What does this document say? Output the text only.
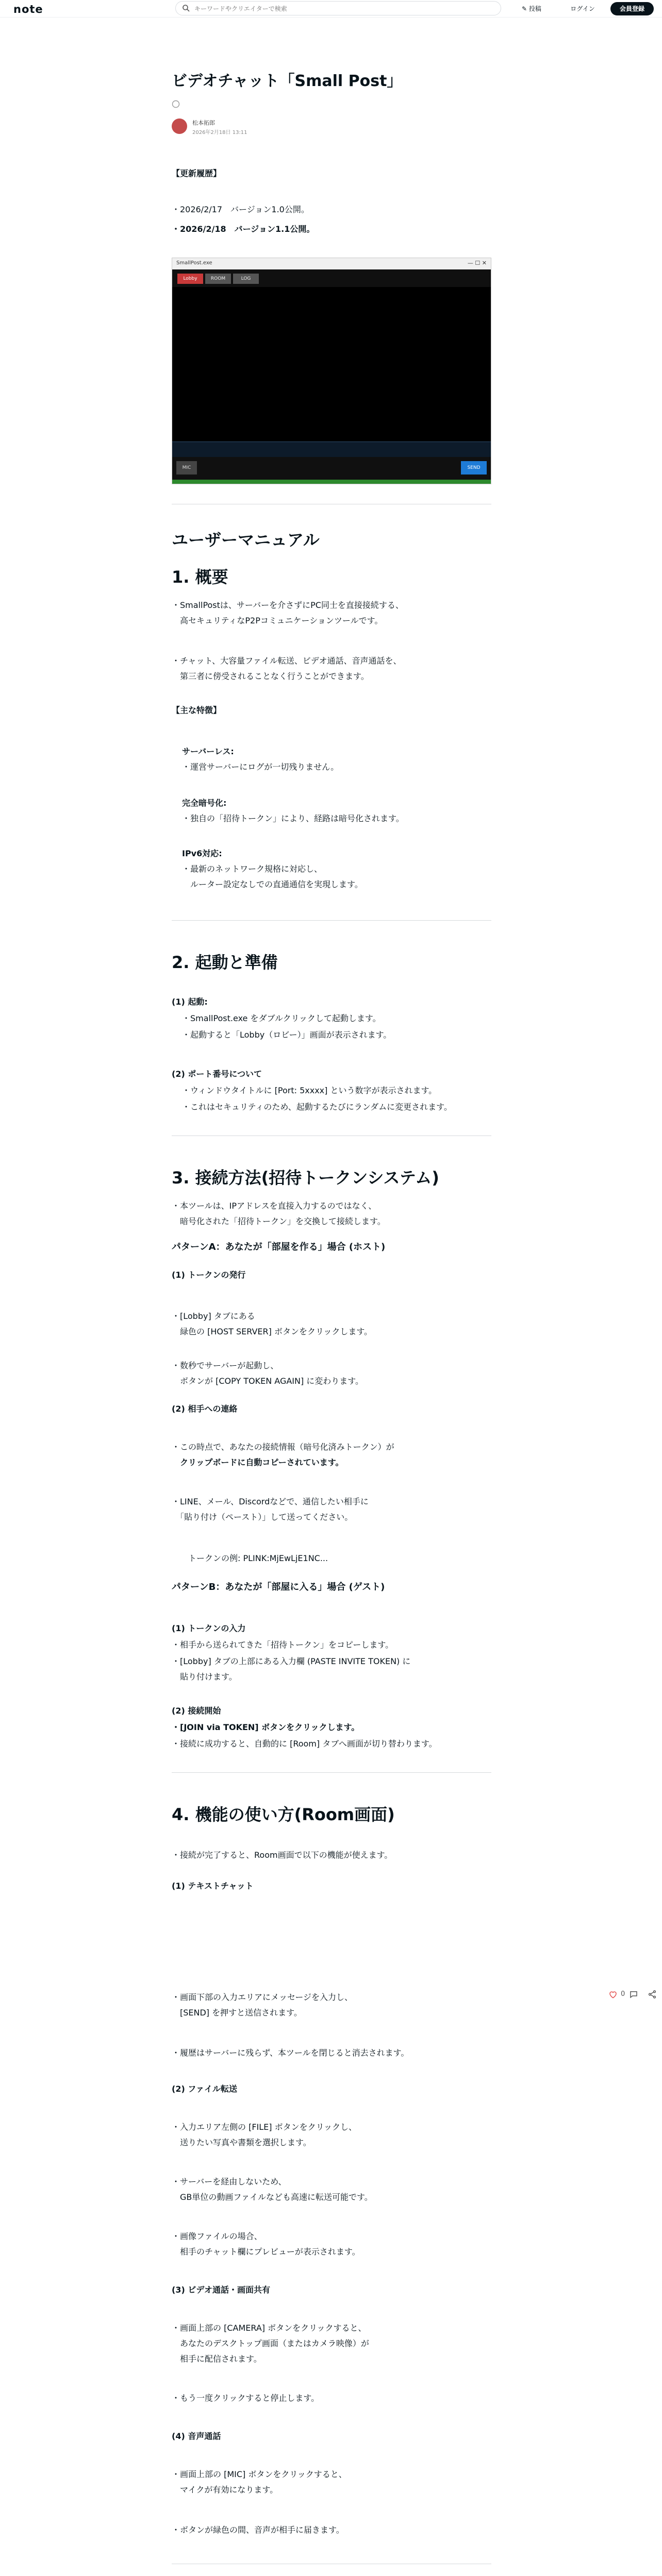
note
キーワードやクリエイターで検索	✎ 投稿	ログイン	会員登録
0
ビデオチャット「Small Post」
松本拓郎
2026年2月18日 13:11
【更新履歴】
・2026/2/17　バージョン1.0公開。
・2026/2/18　バージョン1.1公開。
SmallPost.exe	— ☐ ✕
Lobby	ROOM	LOG
MIC	SEND
ユーザーマニュアル
1. 概要
・SmallPostは、サーバーを介さずにPC同士を直接接続する、
　高セキュリティなP2Pコミュニケーションツールです。
・チャット、大容量ファイル転送、ビデオ通話、音声通話を、
　第三者に傍受されることなく行うことができます。
【主な特徴】
サーバーレス:
・運営サーバーにログが一切残りません。
完全暗号化:
・独自の「招待トークン」により、経路は暗号化されます。
IPv6対応:
・最新のネットワーク規格に対応し、
　ルーター設定なしでの直通通信を実現します。
2. 起動と準備
(1) 起動:
・SmallPost.exe をダブルクリックして起動します。
・起動すると「Lobby（ロビー）」画面が表示されます。
(2) ポート番号について
・ウィンドウタイトルに [Port: 5xxxx] という数字が表示されます。
・これはセキュリティのため、起動するたびにランダムに変更されます。
3. 接続方法(招待トークンシステム)
・本ツールは、IPアドレスを直接入力するのではなく、
　暗号化された「招待トークン」を交換して接続します。
パターンA：あなたが「部屋を作る」場合 (ホスト)
(1) トークンの発行
・[Lobby] タブにある
　緑色の [HOST SERVER] ボタンをクリックします。
・数秒でサーバーが起動し、
　ボタンが [COPY TOKEN AGAIN] に変わります。
(2) 相手への連絡
・この時点で、あなたの接続情報（暗号化済みトークン）が
　クリップボードに自動コピーされています。
・LINE、メール、Discordなどで、通信したい相手に
　「貼り付け（ペースト）」して送ってください。
　　トークンの例: PLINK:MjEwLjE1NC...
パターンB：あなたが「部屋に入る」場合 (ゲスト)
(1) トークンの入力
・相手から送られてきた「招待トークン」をコピーします。
・[Lobby] タブの上部にある入力欄 (PASTE INVITE TOKEN) に
　貼り付けます。
(2) 接続開始
・[JOIN via TOKEN] ボタンをクリックします。
・接続に成功すると、自動的に [Room] タブへ画面が切り替わります。
4. 機能の使い方(Room画面)
・接続が完了すると、Room画面で以下の機能が使えます。
(1) テキストチャット
・画面下部の入力エリアにメッセージを入力し、
　[SEND] を押すと送信されます。
・履歴はサーバーに残らず、本ツールを閉じると消去されます。
(2) ファイル転送
・入力エリア左側の [FILE] ボタンをクリックし、
　送りたい写真や書類を選択します。
・サーバーを経由しないため、
　GB単位の動画ファイルなども高速に転送可能です。
・画像ファイルの場合、
　相手のチャット欄にプレビューが表示されます。
(3) ビデオ通話・画面共有
・画面上部の [CAMERA] ボタンをクリックすると、
　あなたのデスクトップ画面（またはカメラ映像）が
　相手に配信されます。
・もう一度クリックすると停止します。
(4) 音声通話
・画面上部の [MIC] ボタンをクリックすると、
　マイクが有効になります。
・ボタンが緑色の間、音声が相手に届きます。
